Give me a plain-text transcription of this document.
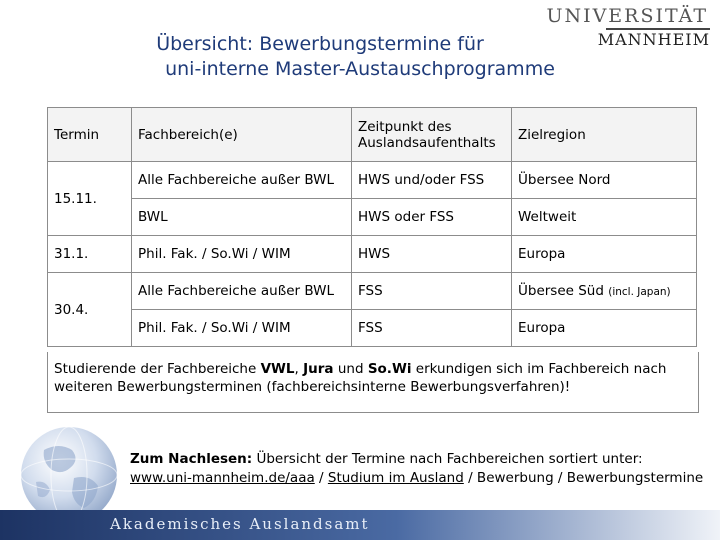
UNIVERSITÄT
MANNHEIM
Übersicht: Bewerbungstermine für
uni-interne Master-Austauschprogramme
Termin	Fachbereich(e)	Zeitpunkt des Auslandsaufenthalts	Zielregion
15.11.	Alle Fachbereiche außer BWL	HWS und/oder FSS	Übersee Nord
	BWL	HWS oder FSS	Weltweit
31.1.	Phil. Fak. / So.Wi / WIM	HWS	Europa
30.4.	Alle Fachbereiche außer BWL	FSS	Übersee Süd (incl. Japan)
	Phil. Fak. / So.Wi / WIM	FSS	Europa
Studierende der Fachbereiche VWL, Jura und So.Wi erkundigen sich im Fachbereich nach weiteren Bewerbungsterminen (fachbereichsinterne Bewerbungsverfahren)!
Zum Nachlesen: Übersicht der Termine nach Fachbereichen sortiert unter:
www.uni-mannheim.de/aaa / Studium im Ausland / Bewerbung / Bewerbungstermine
Akademisches Auslandsamt
